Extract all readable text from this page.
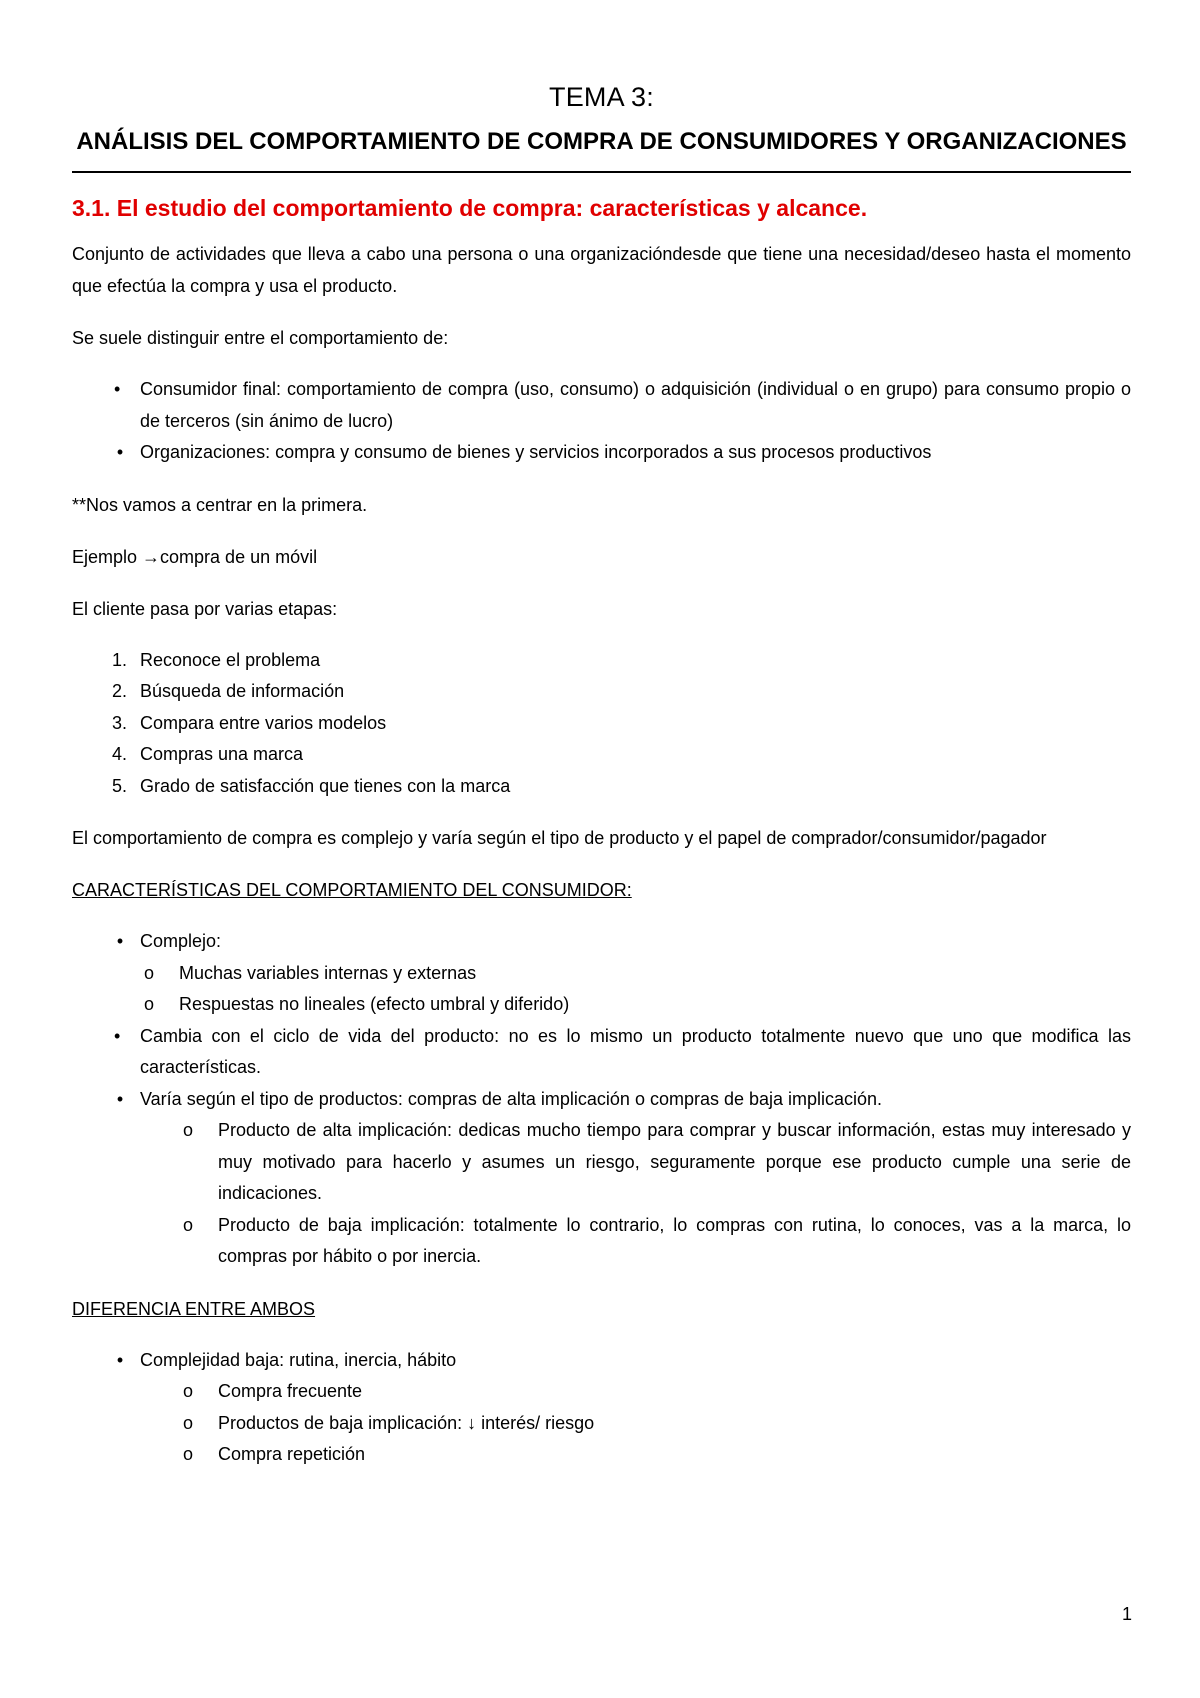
TEMA 3:
ANÁLISIS DEL COMPORTAMIENTO DE COMPRA DE CONSUMIDORES Y ORGANIZACIONES
3.1. El estudio del comportamiento de compra: características y alcance.

Conjunto de actividades que lleva a cabo una persona o una organizacióndesde que tiene una necesidad/deseo hasta el momento que efectúa la compra y usa el producto.

Se suele distinguir entre el comportamiento de:

•	Consumidor final: comportamiento de compra (uso, consumo) o adquisición (individual o en grupo) para consumo propio o de terceros (sin ánimo de lucro)
• Organizaciones: compra y consumo de bienes y servicios incorporados a sus procesos productivos

**Nos vamos a centrar en la primera.

Ejemplo →compra de un móvil

El cliente pasa por varias etapas:

1. Reconoce el problema
2. Búsqueda de información
3. Compara entre varios modelos
4. Compras una marca
5. Grado de satisfacción que tienes con la marca

El comportamiento de compra es complejo y varía según el tipo de producto y el papel de comprador/consumidor/pagador

CARACTERÍSTICAS DEL COMPORTAMIENTO DEL CONSUMIDOR:

• Complejo:
o Muchas variables internas y externas
o Respuestas no lineales (efecto umbral y diferido)
•	Cambia con el ciclo de vida del producto: no es lo mismo un producto totalmente nuevo que uno que modifica las características.
• Varía según el tipo de productos: compras de alta implicación o compras de baja implicación.
o Producto de alta implicación: dedicas mucho tiempo para comprar y buscar información, estas muy interesado y muy motivado para hacerlo y asumes un riesgo, seguramente porque ese producto cumple una serie de indicaciones.
o Producto de baja implicación: totalmente lo contrario, lo compras con rutina, lo conoces, vas a la marca, lo compras por hábito o por inercia.

DIFERENCIA ENTRE AMBOS

• Complejidad baja: rutina, inercia, hábito
o Compra frecuente
o Productos de baja implicación: ↓ interés/ riesgo
o Compra repetición
1
